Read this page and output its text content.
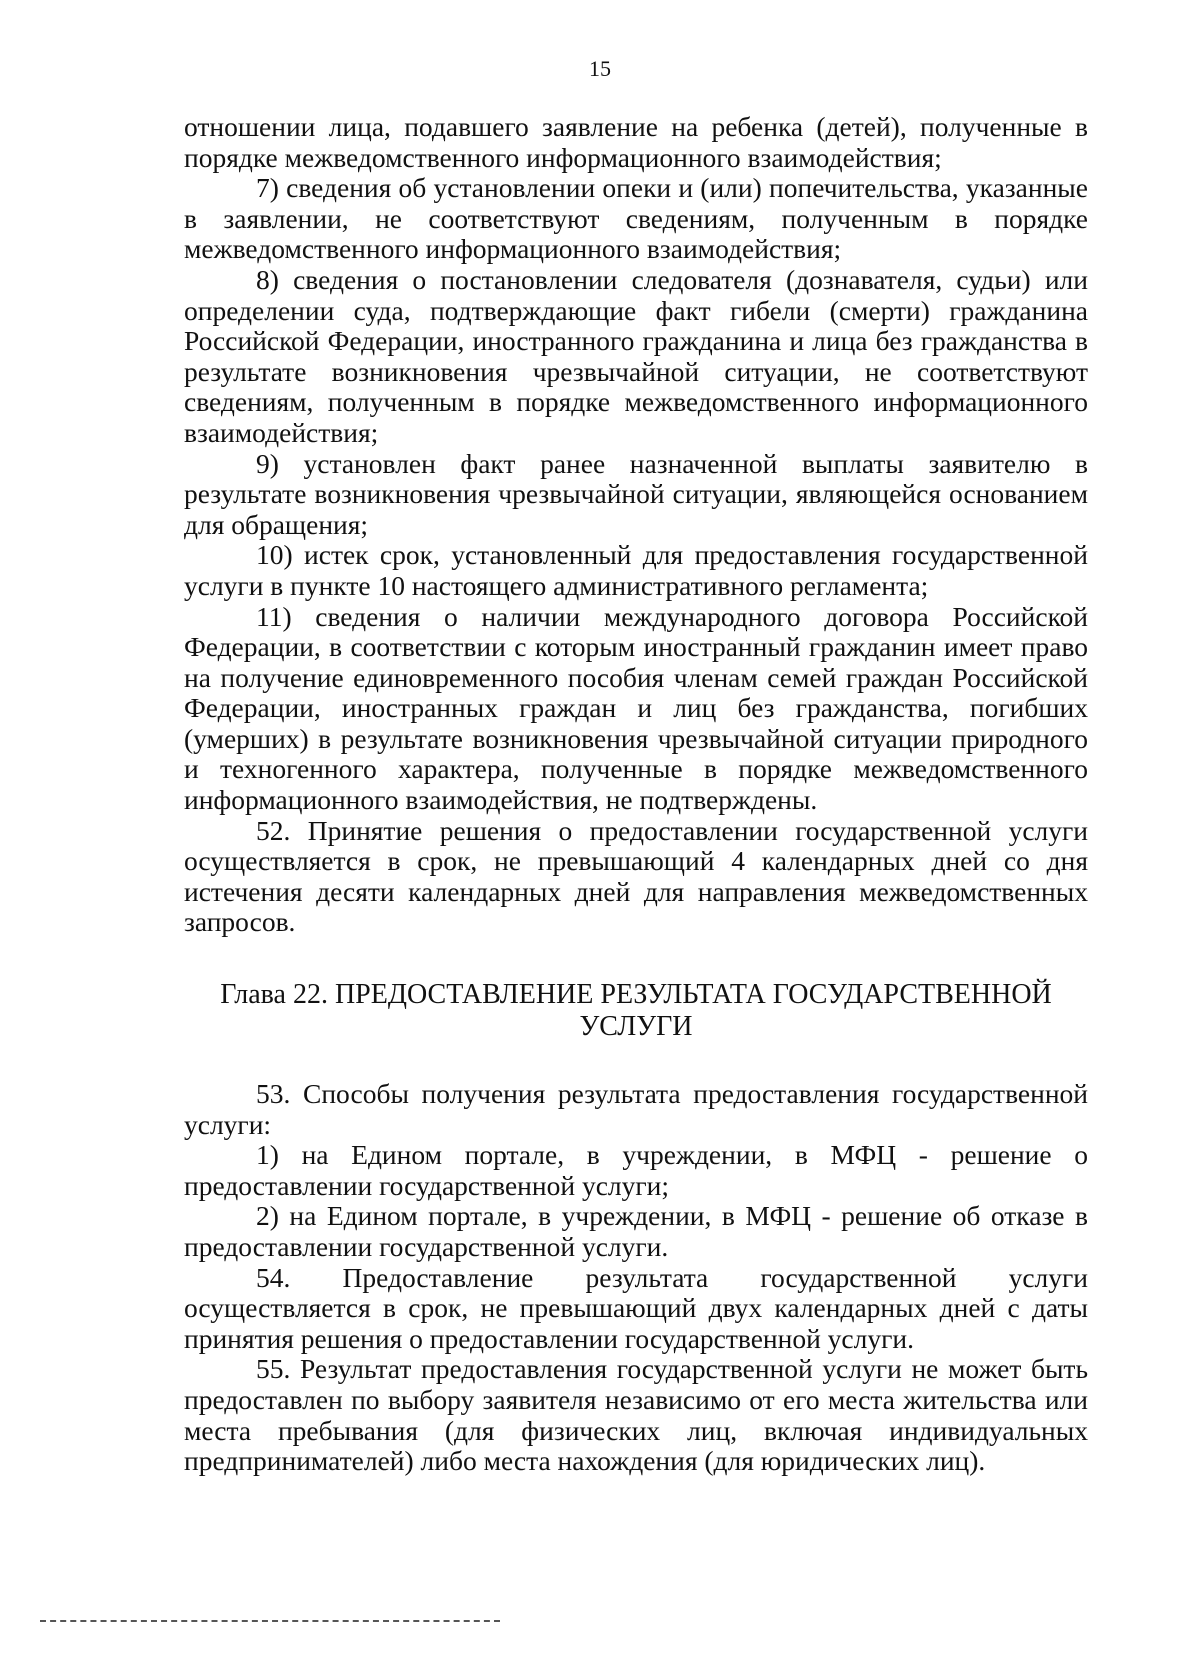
15

отношении лица, подавшего заявление на ребенка (детей), полученные в порядке межведомственного информационного взаимодействия;

7) сведения об установлении опеки и (или) попечительства, указанные в заявлении, не соответствуют сведениям, полученным в порядке межведомственного информационного взаимодействия;

8) сведения о постановлении следователя (дознавателя, судьи) или определении суда, подтверждающие факт гибели (смерти) гражданина Российской Федерации, иностранного гражданина и лица без гражданства в результате возникновения чрезвычайной ситуации, не соответствуют сведениям, полученным в порядке межведомственного информационного взаимодействия;

9) установлен факт ранее назначенной выплаты заявителю в результате возникновения чрезвычайной ситуации, являющейся основанием для обращения;

10) истек срок, установленный для предоставления государственной услуги в пункте 10 настоящего административного регламента;

11) сведения о наличии международного договора Российской Федерации, в соответствии с которым иностранный гражданин имеет право на получение единовременного пособия членам семей граждан Российской Федерации, иностранных граждан и лиц без гражданства, погибших (умерших) в результате возникновения чрезвычайной ситуации природного и техногенного характера, полученные в порядке межведомственного информационного взаимодействия, не подтверждены.

52. Принятие решения о предоставлении государственной услуги осуществляется в срок, не превышающий 4 календарных дней со дня истечения десяти календарных дней для направления межведомственных запросов.

Глава 22. ПРЕДОСТАВЛЕНИЕ РЕЗУЛЬТАТА ГОСУДАРСТВЕННОЙ
УСЛУГИ

53. Способы получения результата предоставления государственной услуги:

1) на Едином портале, в учреждении, в МФЦ - решение о предоставлении государственной услуги;

2) на Едином портале, в учреждении, в МФЦ - решение об отказе в предоставлении государственной услуги.

54. Предоставление результата государственной услуги осуществляется в срок, не превышающий двух календарных дней с даты принятия решения о предоставлении государственной услуги.

55. Результат предоставления государственной услуги не может быть предоставлен по выбору заявителя независимо от его места жительства или места пребывания (для физических лиц, включая индивидуальных предпринимателей) либо места нахождения (для юридических лиц).
